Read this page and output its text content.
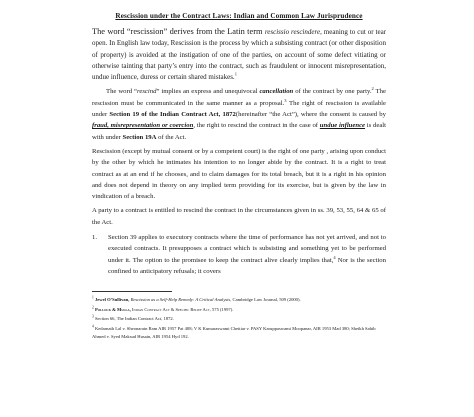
Rescission under the Contract Laws: Indian and Common Law Jurisprudence

The word “rescission” derives from the Latin term rescissio rescindere, meaning to cut or tear open. In English law today, Rescission is the process by which a subsisting contract (or other disposition of property) is avoided at the instigation of one of the parties, on account of some defect vitiating or otherwise tainting that party’s entry into the contract, such as fraudulent or innocent misrepresentation, undue influence, duress or certain shared mistakes.$^1$

The word “rescind” implies an express and unequivocal cancellation of the contract by one party.$^2$ The rescission must be communicated in the same manner as a proposal.$^3$ The right of rescission is available under Section 19 of the Indian Contract Act, 1872(hereinafter “the Act”), where the consent is caused by fraud, misrepresentation or coercion, the right to rescind the contract in the case of undue influence is dealt with under Section 19A of the Act.

Rescission (except by mutual consent or by a competent court) is the right of one party , arising upon conduct by the other by which he intimates his intention to no longer abide by the contract. It is a right to treat contract as at an end if he chooses, and to claim damages for its total breach, but it is a right in his opinion and does not depend in theory on any implied term providing for its exercise, but is given by the law in vindication of a breach.

A party to a contract is entitled to rescind the contract in the circumstances given in ss. 39, 53, 55, 64 & 65 of the Act.

1.	Section 39 applies to executory contracts where the time of performance has not yet arrived, and not to executed contracts. It presupposes a contract which is subsisting and something yet to be performed under it. The option to the promisee to keep the contract alive clearly implies that,$^4$ Nor is the section confined to anticipatory refusals; it covers

$^1$ Jewel O’Sullivan, Rescission as a Self-Help Remedy: A Critical Analysis, Cambridge Law Journal, 509 (2000).

$^2$ Pollock & Mulla, Indian Contract Act & Specific Relief Act, 575 (1997).

$^3$ Section 66, The Indian Contract Act, 1872.

$^4$ Kedarnath Lal v. Sheonarain Ram AIR 1957 Pat 408; V K Kumaraswami Chettiar v. PASY Karuppaswami Moopanar, AIR 1953 Mad 380; Sheikh Sahib Ahmed v. Syed Maksud Husain, AIR 1954 Hyd 192.
